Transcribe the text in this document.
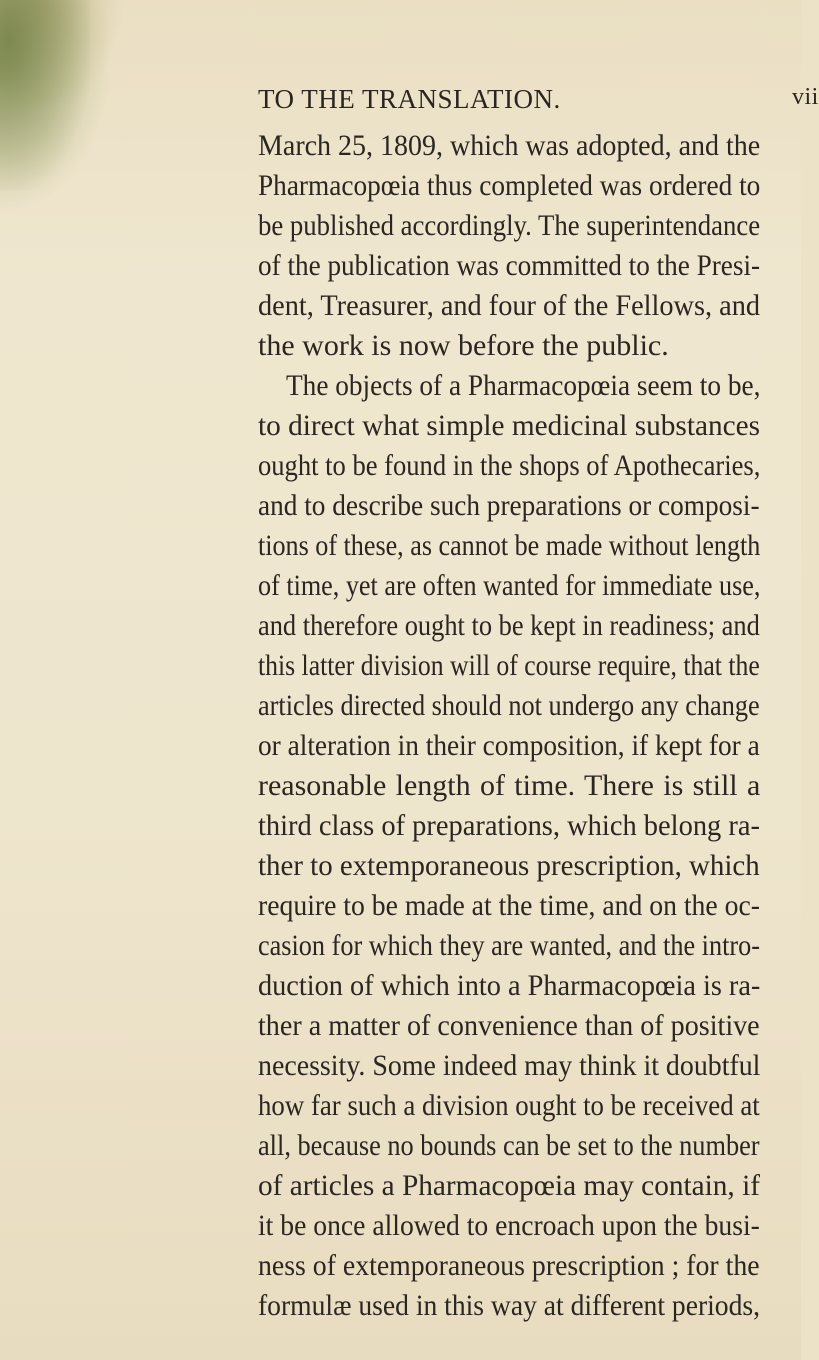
TO THE TRANSLATION.	vii
March 25, 1809, which was adopted, and the
Pharmacopœia thus completed was ordered to
be published accordingly. The superintendance
of the publication was committed to the Presi-
dent, Treasurer, and four of the Fellows, and
the work is now before the public.
The objects of a Pharmacopœia seem to be,
to direct what simple medicinal substances
ought to be found in the shops of Apothecaries,
and to describe such preparations or composi-
tions of these, as cannot be made without length
of time, yet are often wanted for immediate use,
and therefore ought to be kept in readiness; and
this latter division will of course require, that the
articles directed should not undergo any change
or alteration in their composition, if kept for a
reasonable length of time. There is still a
third class of preparations, which belong ra-
ther to extemporaneous prescription, which
require to be made at the time, and on the oc-
casion for which they are wanted, and the intro-
duction of which into a Pharmacopœia is ra-
ther a matter of convenience than of positive
necessity. Some indeed may think it doubtful
how far such a division ought to be received at
all, because no bounds can be set to the number
of articles a Pharmacopœia may contain, if
it be once allowed to encroach upon the busi-
ness of extemporaneous prescription ; for the
formulæ used in this way at different periods,
